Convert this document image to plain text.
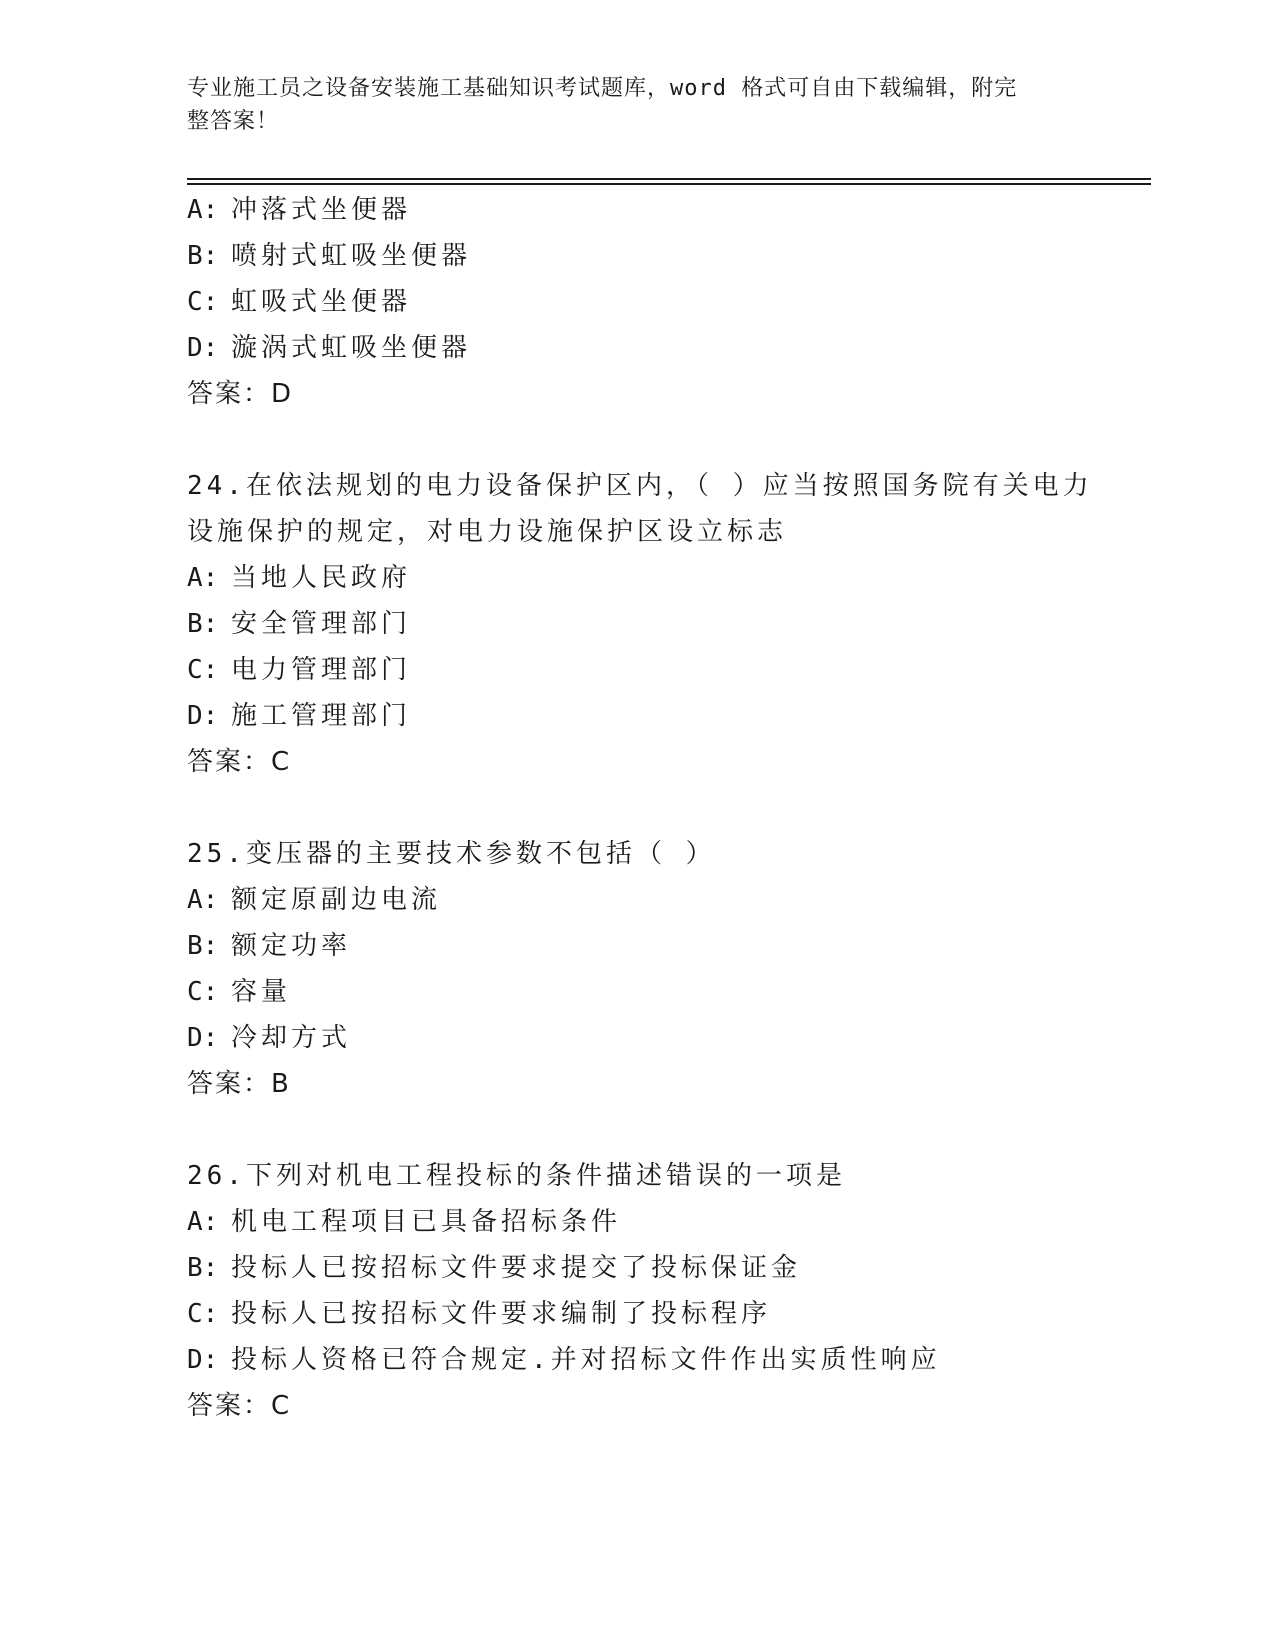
专业施工员之设备安装施工基础知识考试题库，word 格式可自由下载编辑，附完
整答案！
A: 冲落式坐便器
B: 喷射式虹吸坐便器
C: 虹吸式坐便器
D: 漩涡式虹吸坐便器
答案：D
24.在依法规划的电力设备保护区内，（ ）应当按照国务院有关电力
设施保护的规定，对电力设施保护区设立标志
A: 当地人民政府
B: 安全管理部门
C: 电力管理部门
D: 施工管理部门
答案：C
25.变压器的主要技术参数不包括（ ）
A: 额定原副边电流
B: 额定功率
C: 容量
D: 冷却方式
答案：B
26.下列对机电工程投标的条件描述错误的一项是
A: 机电工程项目已具备招标条件
B: 投标人已按招标文件要求提交了投标保证金
C: 投标人已按招标文件要求编制了投标程序
D: 投标人资格已符合规定.并对招标文件作出实质性响应
答案：C
